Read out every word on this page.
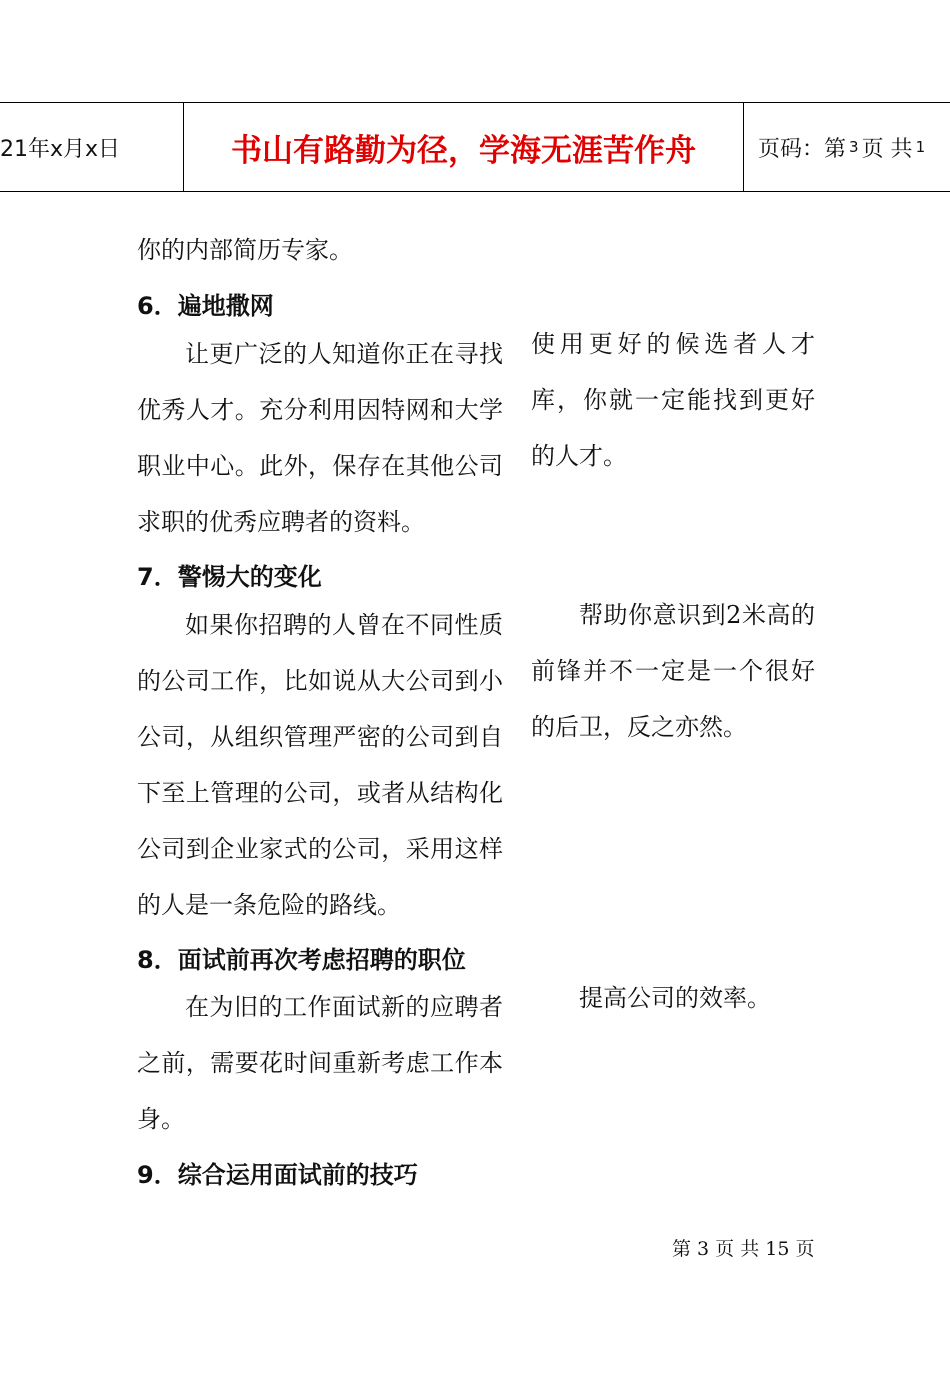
21年x月x日	书山有路勤为径，学海无涯苦作舟	页码：第 3 页 共 1

你的内部简历专家。

6．遍地撒网

让更广泛的人知道你正在寻找优秀人才。充分利用因特网和大学职业中心。此外，保存在其他公司求职的优秀应聘者的资料。

使用更好的候选者人才库，你就一定能找到更好的人才。

7．警惕大的变化

如果你招聘的人曾在不同性质的公司工作，比如说从大公司到小公司，从组织管理严密的公司到自下至上管理的公司，或者从结构化公司到企业家式的公司，采用这样的人是一条危险的路线。

帮助你意识到2米高的前锋并不一定是一个很好的后卫，反之亦然。

8．面试前再次考虑招聘的职位

在为旧的工作面试新的应聘者之前，需要花时间重新考虑工作本身。

提高公司的效率。

9．综合运用面试前的技巧

第 3 页 共 15 页
